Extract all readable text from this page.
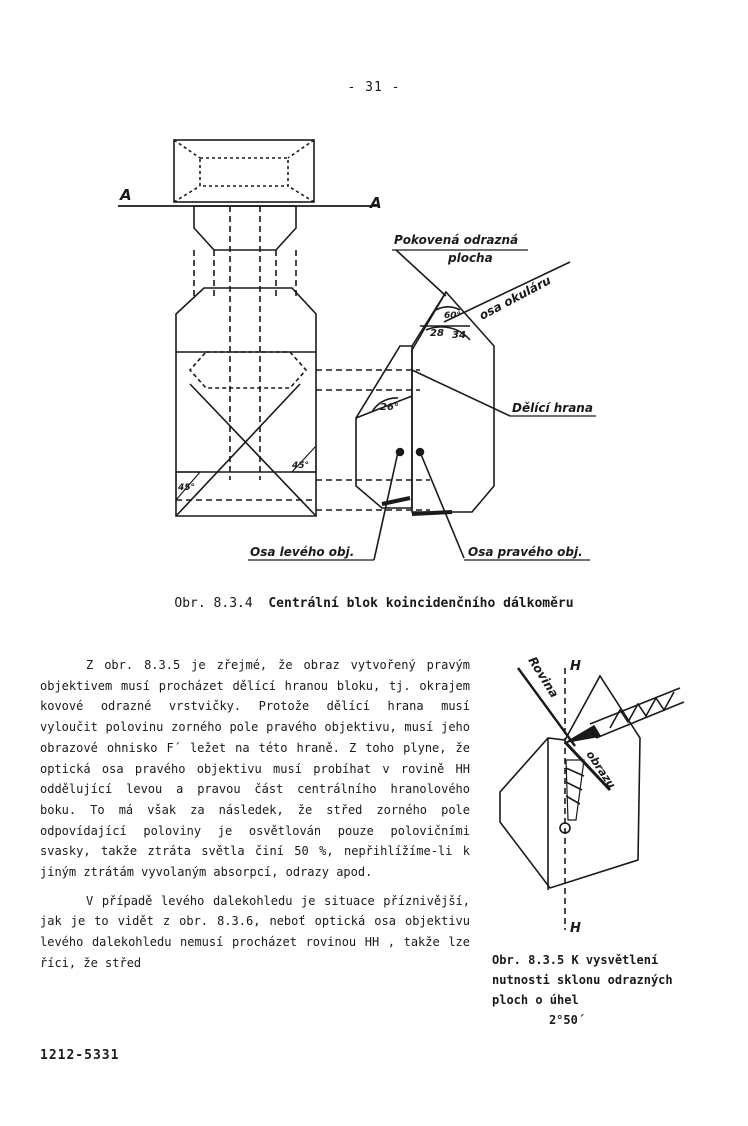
- 31 -
A	A
Pokovená odrazná
plocha
osa okuláru
60°
28 34
26°
45°
45°
Dělící hrana
Osa levého obj.	Osa pravého obj.
H
H
Rovina
obrazu
Obr. 8.3.4 Centrální blok koincidenčního dálkoměru

Z obr. 8.3.5 je zřejmé, že obraz vytvořený pravým objektivem musí procházet dělící hranou bloku, tj. okrajem kovové odrazné vrstvičky. Protože dělící hrana musí vyloučit polovinu zorného pole pravého objektivu, musí jeho obrazové ohnisko F´ ležet na této hraně. Z toho plyne, že optická osa pravého objektivu musí probíhat v rovině HH oddělující levou a pravou část centrálního hranolového boku. To má však za následek, že střed zorného pole odpovídající poloviny je osvětlován pouze polovičními svasky, takže ztráta světla činí 50 %, nepřihlížíme-li k jiným ztrátám vyvolaným absorpcí, odrazy apod.

V případě levého dalekohledu je situace příznivější, jak je to vidět z obr. 8.3.6, neboť optická osa objektivu levého dalekohledu nemusí procházet rovinou HH , takže lze říci, že střed	Obr. 8.3.5 K vysvětlení nutnosti sklonu odrazných ploch o úhel
2°50´
1212-5331
